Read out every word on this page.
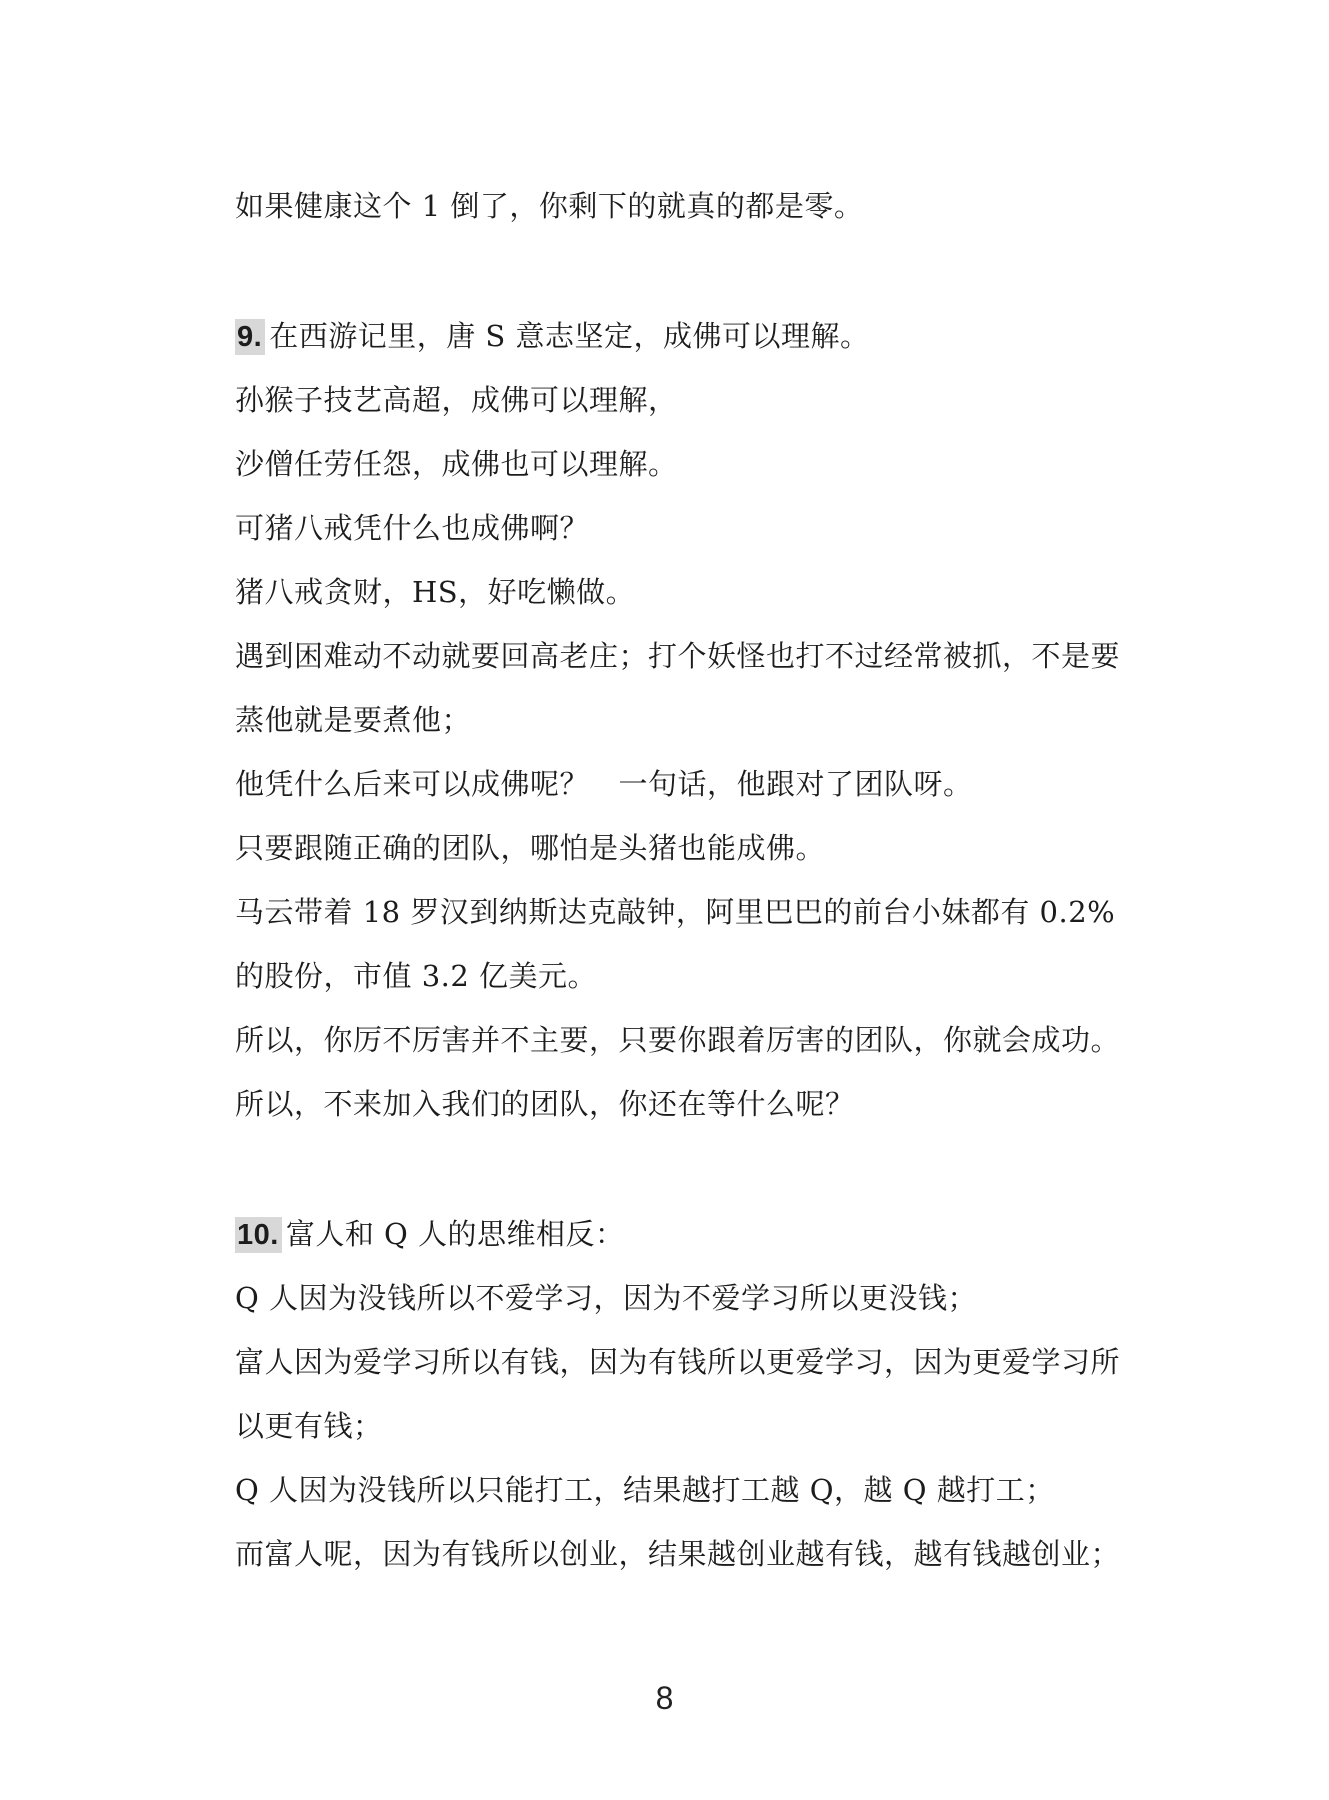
如果健康这个 1 倒了，你剩下的就真的都是零。
9. 在西游记里，唐 S 意志坚定，成佛可以理解。
孙猴子技艺高超，成佛可以理解，
沙僧任劳任怨，成佛也可以理解。
可猪八戒凭什么也成佛啊？
猪八戒贪财，HS，好吃懒做。
遇到困难动不动就要回高老庄；打个妖怪也打不过经常被抓，不是要
蒸他就是要煮他；
他凭什么后来可以成佛呢？　一句话，他跟对了团队呀。
只要跟随正确的团队，哪怕是头猪也能成佛。
马云带着 18 罗汉到纳斯达克敲钟，阿里巴巴的前台小妹都有 0.2%
的股份，市值 3.2 亿美元。
所以，你厉不厉害并不主要，只要你跟着厉害的团队，你就会成功。
所以，不来加入我们的团队，你还在等什么呢？
10. 富人和 Q 人的思维相反：
Q 人因为没钱所以不爱学习，因为不爱学习所以更没钱；
富人因为爱学习所以有钱，因为有钱所以更爱学习，因为更爱学习所
以更有钱；
Q 人因为没钱所以只能打工，结果越打工越 Q，越 Q 越打工；
而富人呢，因为有钱所以创业，结果越创业越有钱，越有钱越创业；
8
